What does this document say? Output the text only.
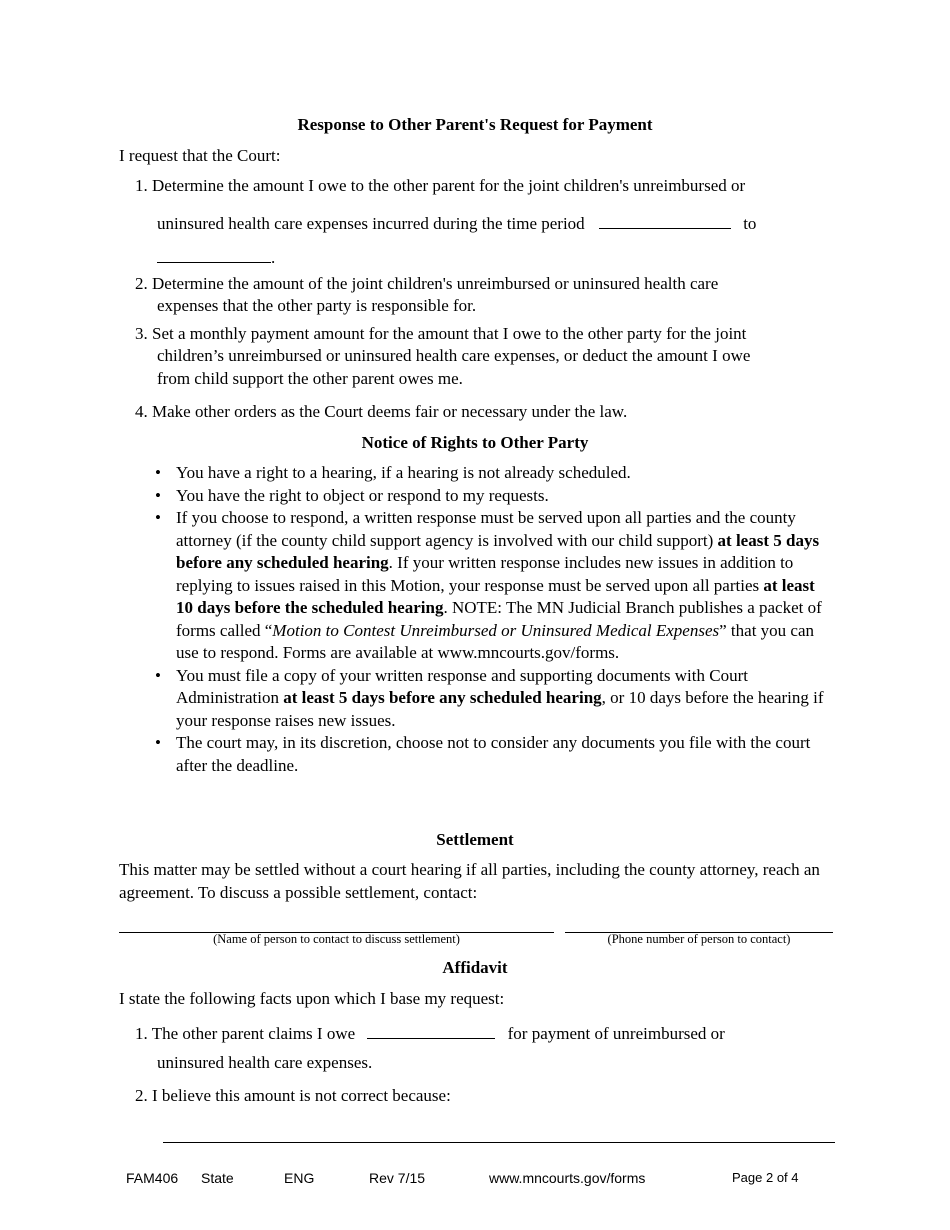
Response to Other Parent's Request for Payment
I request that the Court:
1. Determine the amount I owe to the other parent for the joint children's unreimbursed or
uninsured health care expenses incurred during the time period	to
.
2. Determine the amount of the joint children's unreimbursed or uninsured health care
expenses that the other party is responsible for.
3. Set a monthly payment amount for the amount that I owe to the other party for the joint
children’s unreimbursed or uninsured health care expenses, or deduct the amount I owe
from child support the other parent owes me.
4. Make other orders as the Court deems fair or necessary under the law.
Notice of Rights to Other Party
• You have a right to a hearing, if a hearing is not already scheduled.
• You have the right to object or respond to my requests.
• If you choose to respond, a written response must be served upon all parties and the county attorney (if the county child support agency is involved with our child support) at least 5 days before any scheduled hearing. If your written response includes new issues in addition to replying to issues raised in this Motion, your response must be served upon all parties at least 10 days before the scheduled hearing. NOTE: The MN Judicial Branch publishes a packet of forms called “Motion to Contest Unreimbursed or Uninsured Medical Expenses” that you can use to respond. Forms are available at www.mncourts.gov/forms.
• You must file a copy of your written response and supporting documents with Court Administration at least 5 days before any scheduled hearing, or 10 days before the hearing if your response raises new issues.
• The court may, in its discretion, choose not to consider any documents you file with the court after the deadline.
Settlement
This matter may be settled without a court hearing if all parties, including the county attorney, reach an agreement. To discuss a possible settlement, contact:
(Name of person to contact to discuss settlement)	(Phone number of person to contact)
Affidavit
I state the following facts upon which I base my request:
1. The other parent claims I owe	for payment of unreimbursed or
uninsured health care expenses.
2. I believe this amount is not correct because:
FAM406 State	ENG	Rev 7/15	www.mncourts.gov/forms	Page 2 of 4
